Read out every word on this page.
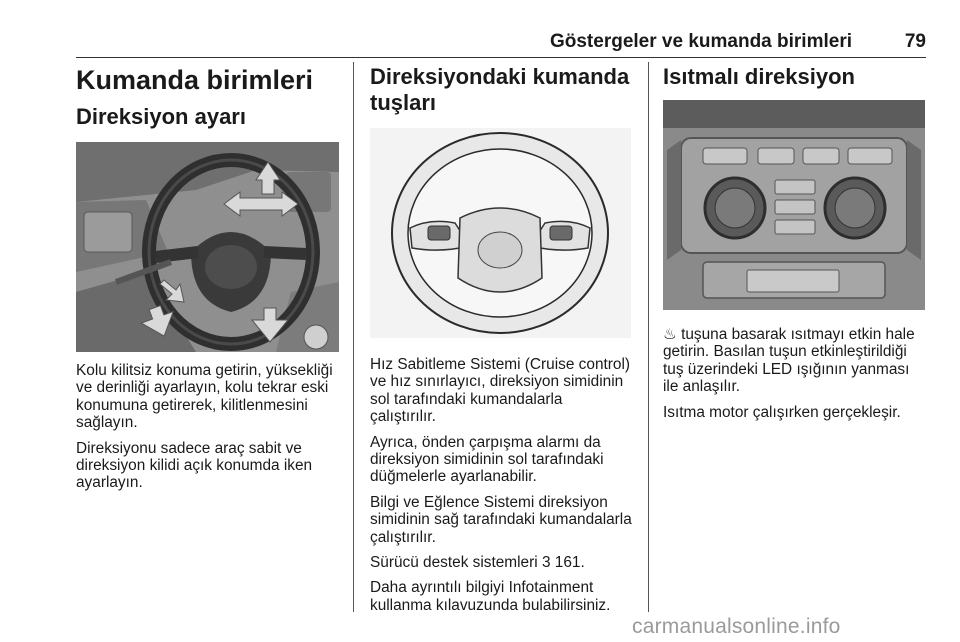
Göstergeler ve kumanda birimleri	79
Kumanda birimleri
Direksiyon ayarı

Kolu kilitsiz konuma getirin, yüksekliği ve derinliği ayarlayın, kolu tekrar eski konumuna getirerek, kilitlenmesini sağlayın.

Direksiyonu sadece araç sabit ve direksiyon kilidi açık konumda iken ayarlayın.

Direksiyondaki kumanda tuşları

Hız Sabitleme Sistemi (Cruise control) ve hız sınırlayıcı, direksiyon simidinin sol tarafındaki kumandalarla çalıştırılır.

Ayrıca, önden çarpışma alarmı da direksiyon simidinin sol tarafındaki düğmelerle ayarlanabilir.

Bilgi ve Eğlence Sistemi direksiyon simidinin sağ tarafındaki kumandalarla çalıştırılır.

Sürücü destek sistemleri 3 161.

Daha ayrıntılı bilgiyi Infotainment kullanma kılavuzunda bulabilirsiniz.

Isıtmalı direksiyon

♨ tuşuna basarak ısıtmayı etkin hale getirin. Basılan tuşun etkinleştirildiği tuş üzerindeki LED ışığının yanması ile anlaşılır.

Isıtma motor çalışırken gerçekleşir.

carmanualsonline.info
